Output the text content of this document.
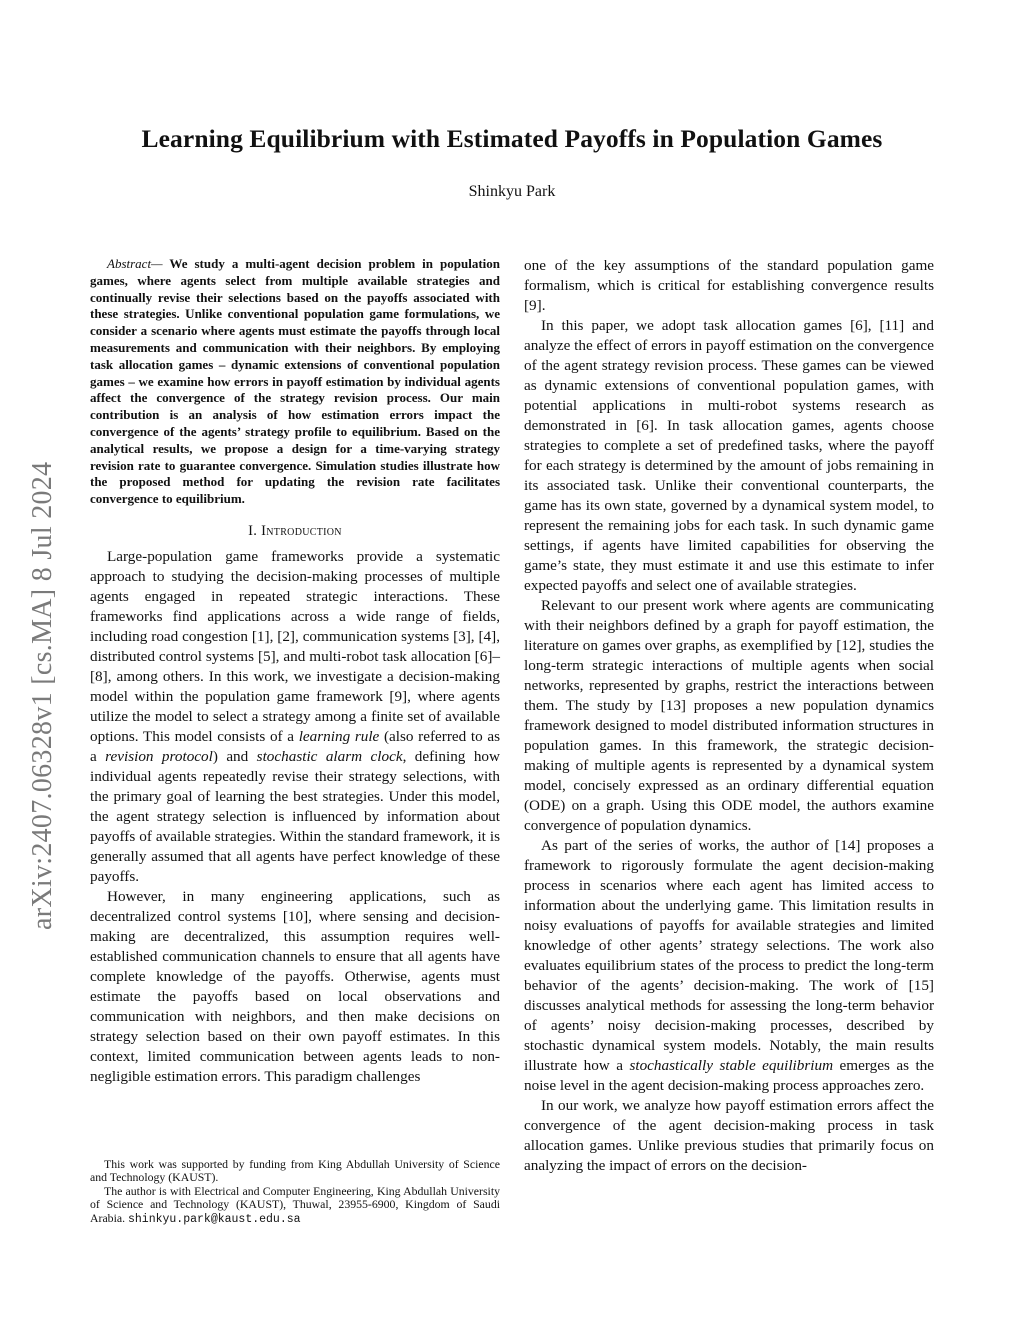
arXiv:2407.06328v1 [cs.MA] 8 Jul 2024
Learning Equilibrium with Estimated Payoffs in Population Games
Shinkyu Park

Abstract— We study a multi-agent decision problem in population games, where agents select from multiple available strategies and continually revise their selections based on the payoffs associated with these strategies. Unlike conventional population game formulations, we consider a scenario where agents must estimate the payoffs through local measurements and communication with their neighbors. By employing task allocation games – dynamic extensions of conventional population games – we examine how errors in payoff estimation by individual agents affect the convergence of the strategy revision process. Our main contribution is an analysis of how estimation errors impact the convergence of the agents’ strategy profile to equilibrium. Based on the analytical results, we propose a design for a time-varying strategy revision rate to guarantee convergence. Simulation studies illustrate how the proposed method for updating the revision rate facilitates convergence to equilibrium.

I. Introduction

Large-population game frameworks provide a systematic approach to studying the decision-making processes of multiple agents engaged in repeated strategic interactions. These frameworks find applications across a wide range of fields, including road congestion [1], [2], communication systems [3], [4], distributed control systems [5], and multi-robot task allocation [6]–[8], among others. In this work, we investigate a decision-making model within the population game framework [9], where agents utilize the model to select a strategy among a finite set of available options. This model consists of a learning rule (also referred to as a revision protocol) and stochastic alarm clock, defining how individual agents repeatedly revise their strategy selections, with the primary goal of learning the best strategies. Under this model, the agent strategy selection is influenced by information about payoffs of available strategies. Within the standard framework, it is generally assumed that all agents have perfect knowledge of these payoffs.

However, in many engineering applications, such as decentralized control systems [10], where sensing and decision-making are decentralized, this assumption requires well-established communication channels to ensure that all agents have complete knowledge of the payoffs. Otherwise, agents must estimate the payoffs based on local observations and communication with neighbors, and then make decisions on strategy selection based on their own payoff estimates. In this context, limited communication between agents leads to non-negligible estimation errors. This paradigm challenges

This work was supported by funding from King Abdullah University of Science and Technology (KAUST).

The author is with Electrical and Computer Engineering, King Abdullah University of Science and Technology (KAUST), Thuwal, 23955-6900, Kingdom of Saudi Arabia. shinkyu.park@kaust.edu.sa

one of the key assumptions of the standard population game formalism, which is critical for establishing convergence results [9].

In this paper, we adopt task allocation games [6], [11] and analyze the effect of errors in payoff estimation on the convergence of the agent strategy revision process. These games can be viewed as dynamic extensions of conventional population games, with potential applications in multi-robot systems research as demonstrated in [6]. In task allocation games, agents choose strategies to complete a set of predefined tasks, where the payoff for each strategy is determined by the amount of jobs remaining in its associated task. Unlike their conventional counterparts, the game has its own state, governed by a dynamical system model, to represent the remaining jobs for each task. In such dynamic game settings, if agents have limited capabilities for observing the game’s state, they must estimate it and use this estimate to infer expected payoffs and select one of available strategies.

Relevant to our present work where agents are communicating with their neighbors defined by a graph for payoff estimation, the literature on games over graphs, as exemplified by [12], studies the long-term strategic interactions of multiple agents when social networks, represented by graphs, restrict the interactions between them. The study by [13] proposes a new population dynamics framework designed to model distributed information structures in population games. In this framework, the strategic decision-making of multiple agents is represented by a dynamical system model, concisely expressed as an ordinary differential equation (ODE) on a graph. Using this ODE model, the authors examine convergence of population dynamics.

As part of the series of works, the author of [14] proposes a framework to rigorously formulate the agent decision-making process in scenarios where each agent has limited access to information about the underlying game. This limitation results in noisy evaluations of payoffs for available strategies and limited knowledge of other agents’ strategy selections. The work also evaluates equilibrium states of the process to predict the long-term behavior of the agents’ decision-making. The work of [15] discusses analytical methods for assessing the long-term behavior of agents’ noisy decision-making processes, described by stochastic dynamical system models. Notably, the main results illustrate how a stochastically stable equilibrium emerges as the noise level in the agent decision-making process approaches zero.

In our work, we analyze how payoff estimation errors affect the convergence of the agent decision-making process in task allocation games. Unlike previous studies that primarily focus on analyzing the impact of errors on the decision-
